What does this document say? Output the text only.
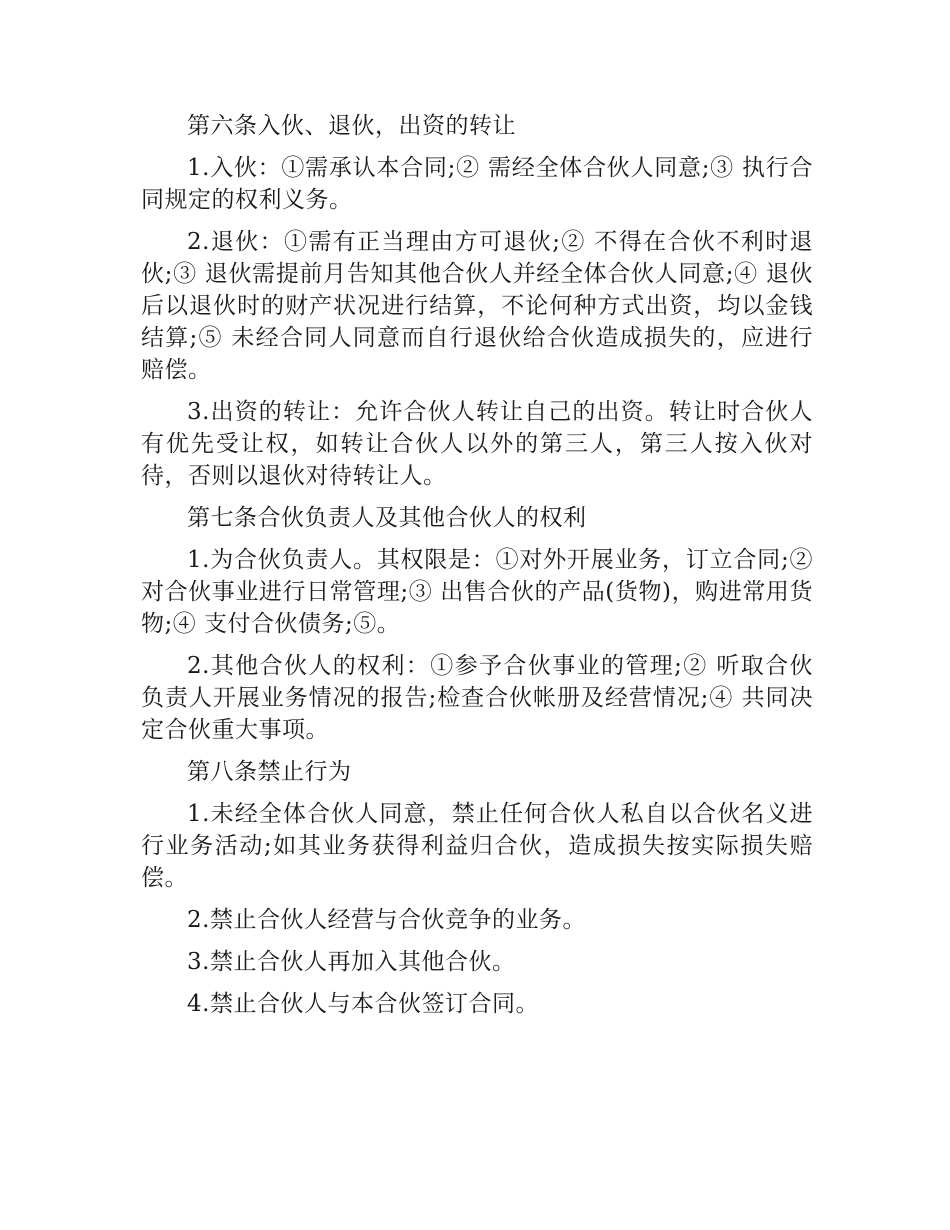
第六条入伙、退伙，出资的转让

1.入伙：①需承认本合同;② 需经全体合伙人同意;③ 执行合同规定的权利义务。

2.退伙：①需有正当理由方可退伙;② 不得在合伙不利时退伙;③ 退伙需提前月告知其他合伙人并经全体合伙人同意;④ 退伙后以退伙时的财产状况进行结算，不论何种方式出资，均以金钱结算;⑤ 未经合同人同意而自行退伙给合伙造成损失的，应进行赔偿。

3.出资的转让：允许合伙人转让自己的出资。转让时合伙人有优先受让权，如转让合伙人以外的第三人，第三人按入伙对待，否则以退伙对待转让人。

第七条合伙负责人及其他合伙人的权利

1.为合伙负责人。其权限是：①对外开展业务，订立合同;② 对合伙事业进行日常管理;③ 出售合伙的产品(货物)，购进常用货物;④ 支付合伙债务;⑤。

2.其他合伙人的权利：①参予合伙事业的管理;② 听取合伙负责人开展业务情况的报告;检查合伙帐册及经营情况;④ 共同决定合伙重大事项。

第八条禁止行为

1.未经全体合伙人同意，禁止任何合伙人私自以合伙名义进行业务活动;如其业务获得利益归合伙，造成损失按实际损失赔偿。

2.禁止合伙人经营与合伙竞争的业务。

3.禁止合伙人再加入其他合伙。

4.禁止合伙人与本合伙签订合同。
